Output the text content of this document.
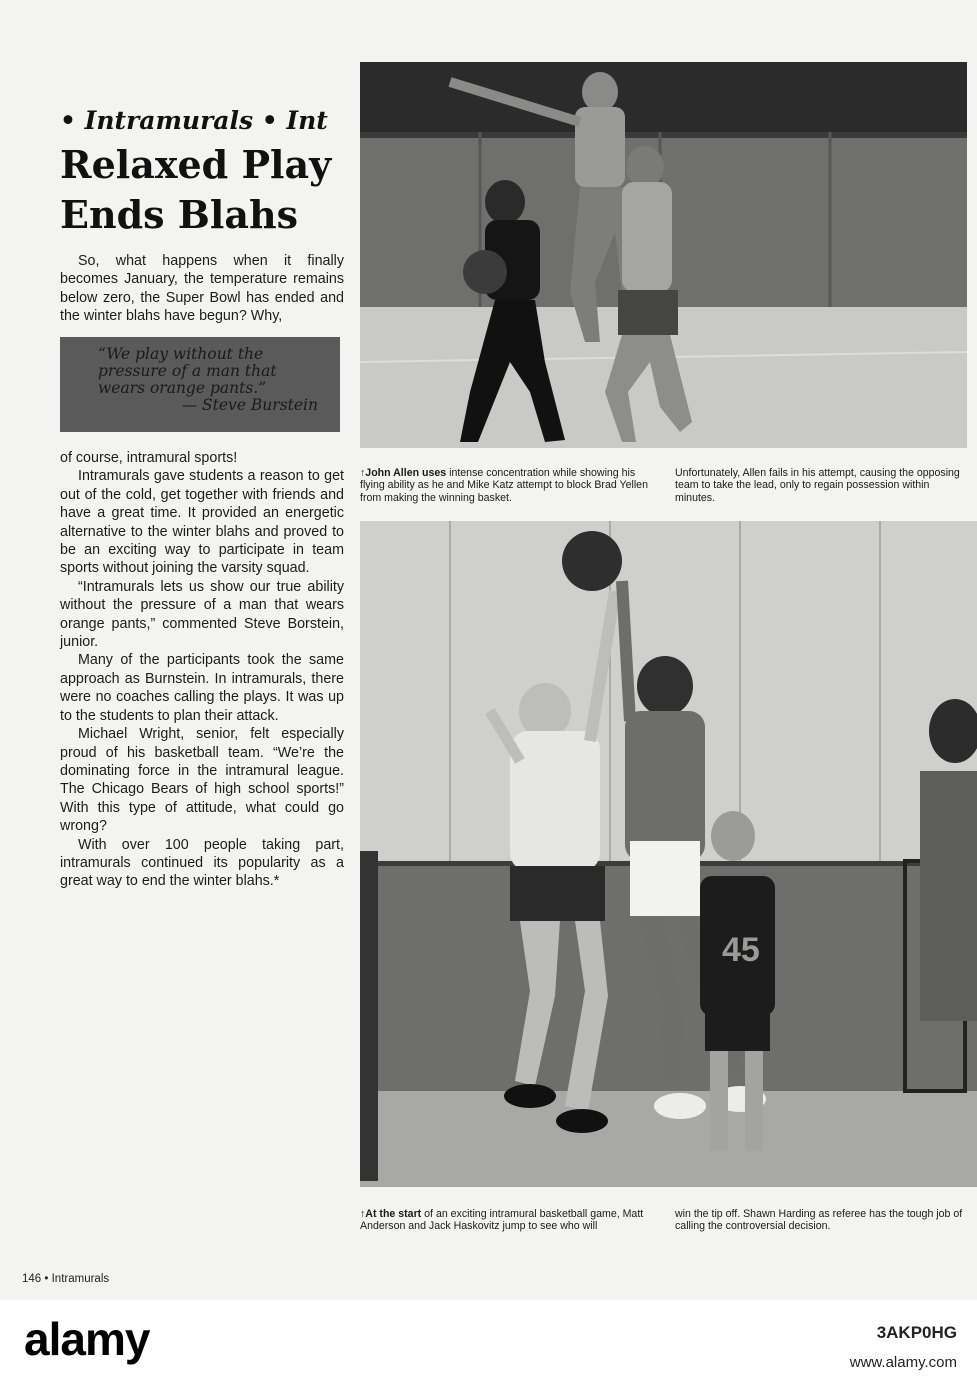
• Intramurals • Int
Relaxed Play
Ends Blahs

So, what happens when it finally becomes January, the temperature remains below zero, the Super Bowl has ended and the winter blahs have begun? Why,

“We play without the
pressure of a man that
wears orange pants.”
— Steve Burstein

of course, intramural sports!

Intramurals gave students a reason to get out of the cold, get together with friends and have a great time. It provided an energetic alternative to the winter blahs and proved to be an exciting way to participate in team sports without joining the varsity squad.

“Intramurals lets us show our true ability without the pressure of a man that wears orange pants,” commented Steve Borstein, junior.

Many of the participants took the same approach as Burnstein. In intramurals, there were no coaches calling the plays. It was up to the students to plan their attack.

Michael Wright, senior, felt especially proud of his basketball team. “We’re the dominating force in the intramural league. The Chicago Bears of high school sports!” With this type of attitude, what could go wrong?

With over 100 people taking part, intramurals continued its popularity as a great way to end the winter blahs.*

↑John Allen uses intense concentration while showing his flying ability as he and Mike Katz attempt to block Brad Yellen from making the winning basket.
Unfortunately, Allen fails in his attempt, causing the opposing team to take the lead, only to regain possession within minutes.
45
↑At the start of an exciting intramural basketball game, Matt Anderson and Jack Haskovitz jump to see who will
win the tip off. Shawn Harding as referee has the tough job of calling the controversial decision.
146 • Intramurals
alamy	3AKP0HG
www.alamy.com
